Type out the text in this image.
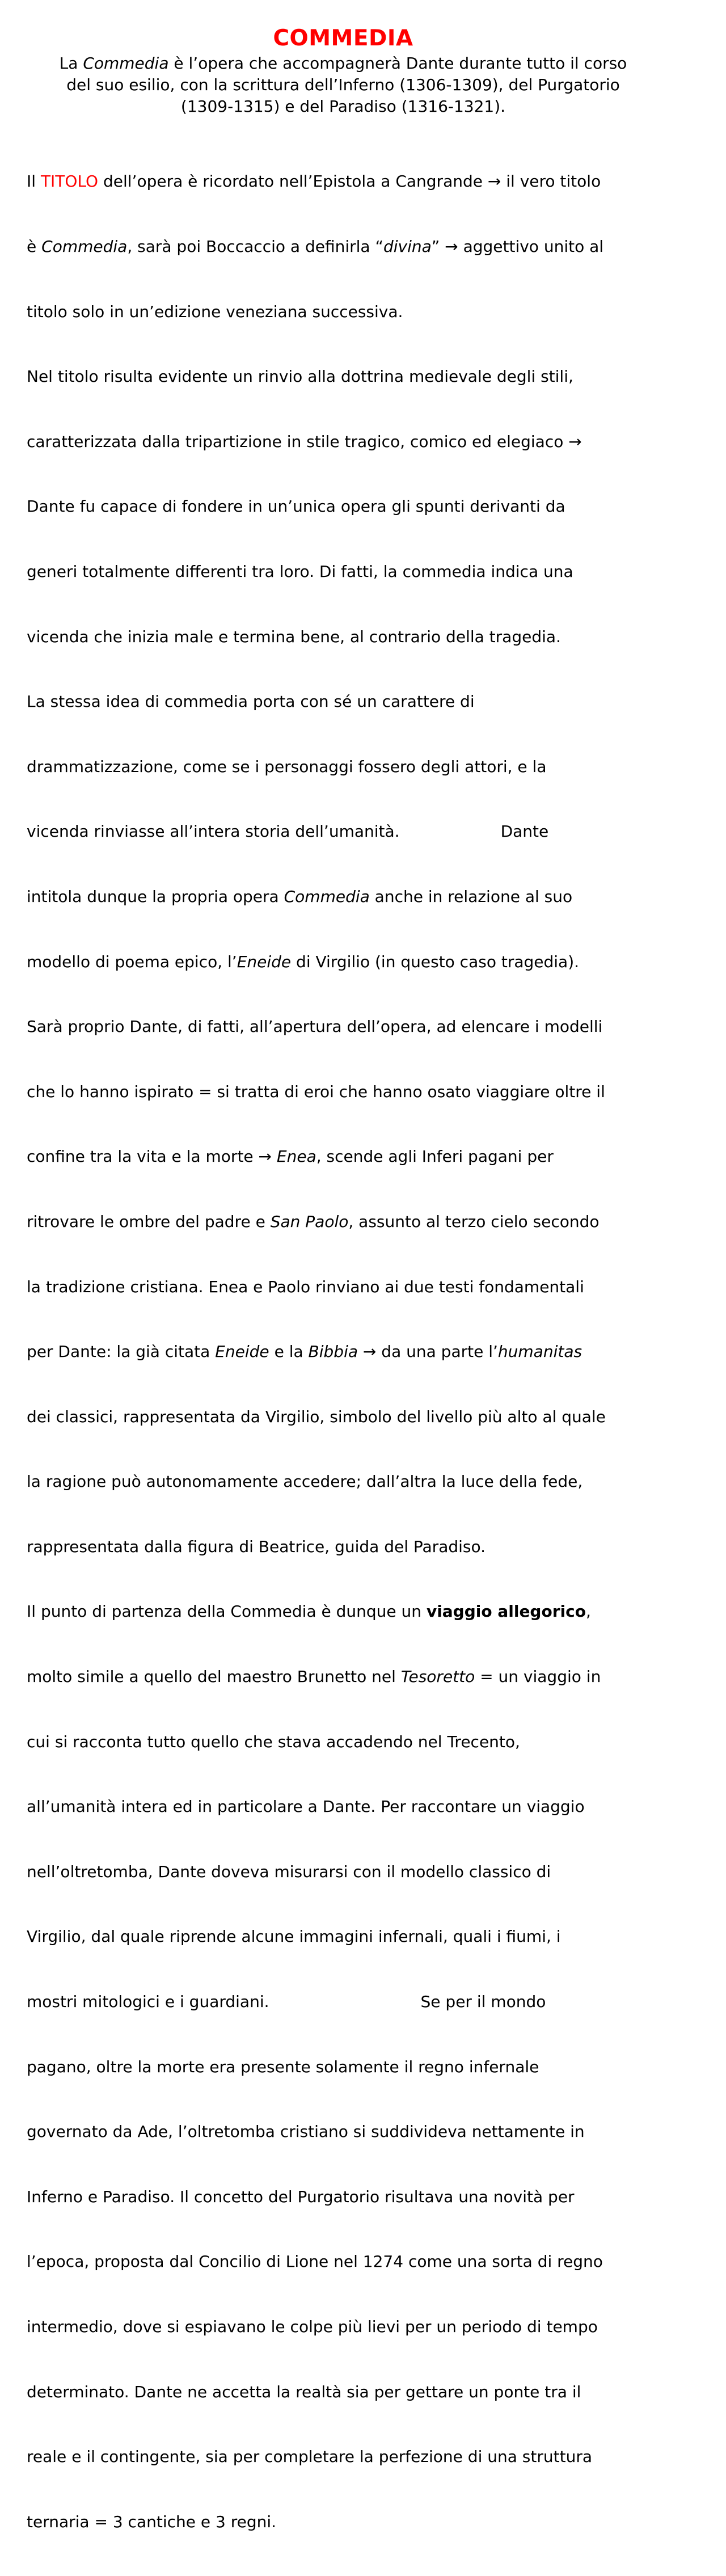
COMMEDIA
La Commedia è l’opera che accompagnerà Dante durante tutto il corso
del suo esilio, con la scrittura dell’Inferno (1306-1309), del Purgatorio
(1309-1315) e del Paradiso (1316-1321).

Il TITOLO dell’opera è ricordato nell’Epistola a Cangrande → il vero titolo

è Commedia, sarà poi Boccaccio a definirla “divina” → aggettivo unito al

titolo solo in un’edizione veneziana successiva.

Nel titolo risulta evidente un rinvio alla dottrina medievale degli stili,

caratterizzata dalla tripartizione in stile tragico, comico ed elegiaco →

Dante fu capace di fondere in un’unica opera gli spunti derivanti da

generi totalmente differenti tra loro. Di fatti, la commedia indica una

vicenda che inizia male e termina bene, al contrario della tragedia.

La stessa idea di commedia porta con sé un carattere di

drammatizzazione, come se i personaggi fossero degli attori, e la

vicenda rinviasse all’intera storia dell’umanità.                    Dante

intitola dunque la propria opera Commedia anche in relazione al suo

modello di poema epico, l’Eneide di Virgilio (in questo caso tragedia).

Sarà proprio Dante, di fatti, all’apertura dell’opera, ad elencare i modelli

che lo hanno ispirato = si tratta di eroi che hanno osato viaggiare oltre il

confine tra la vita e la morte → Enea, scende agli Inferi pagani per

ritrovare le ombre del padre e San Paolo, assunto al terzo cielo secondo

la tradizione cristiana. Enea e Paolo rinviano ai due testi fondamentali

per Dante: la già citata Eneide e la Bibbia → da una parte l’humanitas

dei classici, rappresentata da Virgilio, simbolo del livello più alto al quale

la ragione può autonomamente accedere; dall’altra la luce della fede,

rappresentata dalla figura di Beatrice, guida del Paradiso.

Il punto di partenza della Commedia è dunque un viaggio allegorico,

molto simile a quello del maestro Brunetto nel Tesoretto = un viaggio in

cui si racconta tutto quello che stava accadendo nel Trecento,

all’umanità intera ed in particolare a Dante. Per raccontare un viaggio

nell’oltretomba, Dante doveva misurarsi con il modello classico di

Virgilio, dal quale riprende alcune immagini infernali, quali i fiumi, i

mostri mitologici e i guardiani.                              Se per il mondo

pagano, oltre la morte era presente solamente il regno infernale

governato da Ade, l’oltretomba cristiano si suddivideva nettamente in

Inferno e Paradiso. Il concetto del Purgatorio risultava una novità per

l’epoca, proposta dal Concilio di Lione nel 1274 come una sorta di regno

intermedio, dove si espiavano le colpe più lievi per un periodo di tempo

determinato. Dante ne accetta la realtà sia per gettare un ponte tra il

reale e il contingente, sia per completare la perfezione di una struttura

ternaria = 3 cantiche e 3 regni.
